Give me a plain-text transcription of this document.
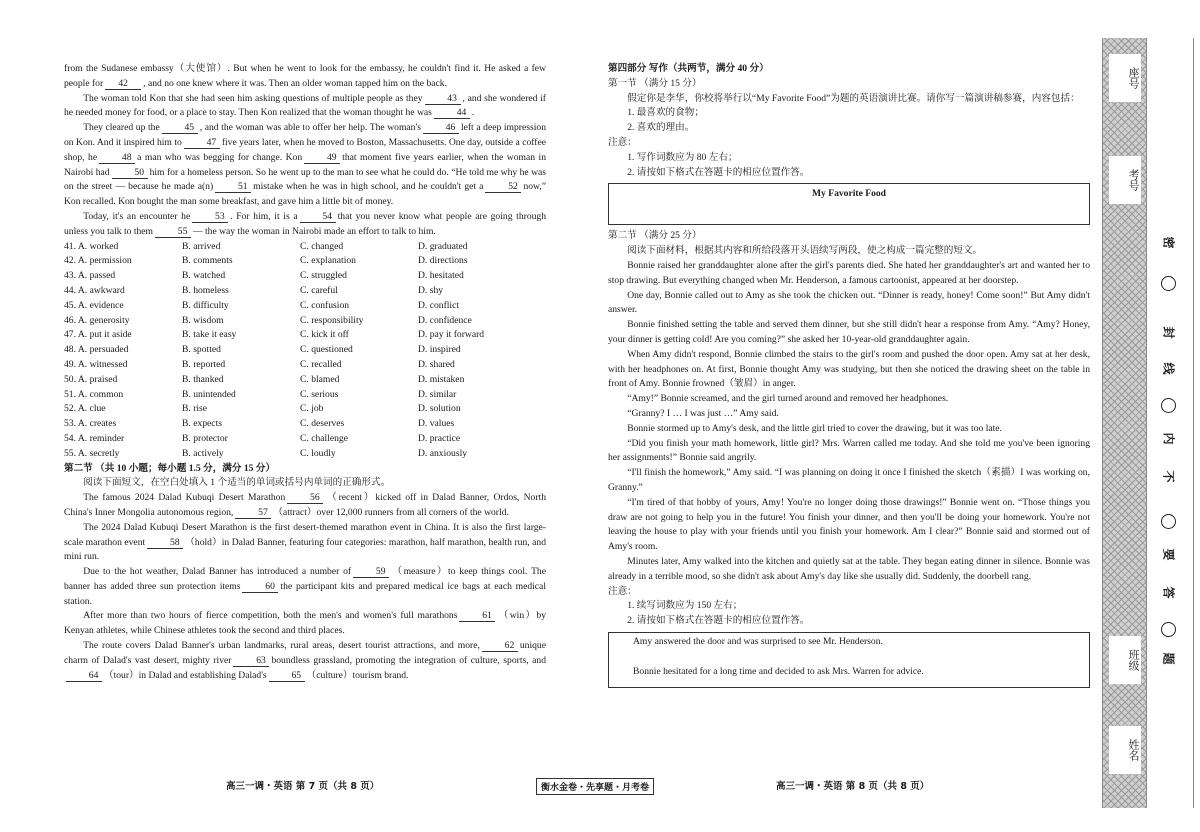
from the Sudanese embassy（大使馆）. But when he went to look for the embassy, he couldn't find it. He asked a few people for 42 , and no one knew where it was. Then an older woman tapped him on the back.

The woman told Kon that she had seen him asking questions of multiple people as they	43 , and she wondered if he needed money for food, or a place to stay. Then Kon realized that the woman thought he was	44 .

They cleared up the	45 , and the woman was able to offer her help. The woman's	46 left a deep impression on Kon. And it inspired him to	47 five years later, when he moved to Boston, Massachusetts. One day, outside a coffee shop, he	48 a man who was begging for change. Kon	49 that moment five years earlier, when the woman in Nairobi had	50 him for a homeless person. So he went up to the man to see what he could do. “He told me why he was on the street — because he made a(n)	51 mistake when he was in high school, and he couldn't get a	52 now,” Kon recalled. Kon bought the man some breakfast, and gave him a little bit of money.

Today, it's an encounter he	53 . For him, it is a	54 that you never know what people are going through unless you talk to them	55 — the way the woman in Nairobi made an effort to talk to him.

41. A. worked	B. arrived	C. changed	D. graduated
42. A. permission	B. comments	C. explanation	D. directions
43. A. passed	B. watched	C. struggled	D. hesitated
44. A. awkward	B. homeless	C. careful	D. shy
45. A. evidence	B. difficulty	C. confusion	D. conflict
46. A. generosity	B. wisdom	C. responsibility	D. confidence
47. A. put it aside	B. take it easy	C. kick it off	D. pay it forward
48. A. persuaded	B. spotted	C. questioned	D. inspired
49. A. witnessed	B. reported	C. recalled	D. shared
50. A. praised	B. thanked	C. blamed	D. mistaken
51. A. common	B. unintended	C. serious	D. similar
52. A. clue	B. rise	C. job	D. solution
53. A. creates	B. expects	C. deserves	D. values
54. A. reminder	B. protector	C. challenge	D. practice
55. A. secretly	B. actively	C. loudly	D. anxiously

第二节 （共 10 小题；每小题 1.5 分，满分 15 分）

阅读下面短文，在空白处填入 1 个适当的单词或括号内单词的正确形式。

The famous 2024 Dalad Kubuqi Desert Marathon	56 （recent）kicked off in Dalad Banner, Ordos, North China's Inner Mongolia autonomous region,	57 （attract）over 12,000 runners from all corners of the world.

The 2024 Dalad Kubuqi Desert Marathon is the first desert-themed marathon event in China. It is also the first large-scale marathon event	58 （hold）in Dalad Banner, featuring four categories: marathon, half marathon, health run, and mini run.

Due to the hot weather, Dalad Banner has introduced a number of	59 （measure）to keep things cool. The banner has added three sun protection items	60 the participant kits and prepared medical ice bags at each medical station.

After more than two hours of fierce competition, both the men's and women's full marathons	61 （win）by Kenyan athletes, while Chinese athletes took the second and third places.

The route covers Dalad Banner's urban landmarks, rural areas, desert tourist attractions, and more,	62 unique charm of Dalad's vast desert, mighty river	63 boundless grassland, promoting the integration of culture, sports, and64 （tour）in Dalad and establishing Dalad's	65 （culture）tourism brand.

第四部分 写作（共两节，满分 40 分）

第一节 （满分 15 分）

假定你是李华，你校将举行以“My Favorite Food”为题的英语演讲比赛。请你写一篇演讲稿参赛，内容包括：

1. 最喜欢的食物；

2. 喜欢的理由。

注意：

1. 写作词数应为 80 左右；

2. 请按如下格式在答题卡的相应位置作答。

My Favorite Food

第二节 （满分 25 分）

阅读下面材料，根据其内容和所给段落开头语续写两段，使之构成一篇完整的短文。

Bonnie raised her granddaughter alone after the girl's parents died. She hated her granddaughter's art and wanted her to stop drawing. But everything changed when Mr. Henderson, a famous cartoonist, appeared at her doorstep.

One day, Bonnie called out to Amy as she took the chicken out. “Dinner is ready, honey! Come soon!” But Amy didn't answer.

Bonnie finished setting the table and served them dinner, but she still didn't hear a response from Amy. “Amy? Honey, your dinner is getting cold! Are you coming?” she asked her 10-year-old granddaughter again.

When Amy didn't respond, Bonnie climbed the stairs to the girl's room and pushed the door open. Amy sat at her desk, with her headphones on. At first, Bonnie thought Amy was studying, but then she noticed the drawing sheet on the table in front of Amy. Bonnie frowned（皱眉）in anger.

“Amy!” Bonnie screamed, and the girl turned around and removed her headphones.

“Granny? I … I was just …” Amy said.

Bonnie stormed up to Amy's desk, and the little girl tried to cover the drawing, but it was too late.

“Did you finish your math homework, little girl? Mrs. Warren called me today. And she told me you've been ignoring her assignments!” Bonnie said angrily.

“I'll finish the homework,” Amy said. “I was planning on doing it once I finished the sketch（素描）I was working on, Granny.”

“I'm tired of that hobby of yours, Amy! You're no longer doing those drawings!” Bonnie went on. “Those things you draw are not going to help you in the future! You finish your dinner, and then you'll be doing your homework. You're not leaving the house to play with your friends until you finish your homework. Am I clear?” Bonnie said and stormed out of Amy's room.

Minutes later, Amy walked into the kitchen and quietly sat at the table. They began eating dinner in silence. Bonnie was already in a terrible mood, so she didn't ask about Amy's day like she usually did. Suddenly, the doorbell rang.

注意：

1. 续写词数应为 150 左右；

2. 请按如下格式在答题卡的相应位置作答。

Amy answered the door and was surprised to see Mr. Henderson.

Bonnie hesitated for a long time and decided to ask Mrs. Warren for advice.

高三一调・英语 第 7 页（共 8 页）	衡水金卷・先享题・月考卷	高三一调・英语 第 8 页（共 8 页）
座号
考号
班级
姓名
密
封
线
内
不
要
答
题
